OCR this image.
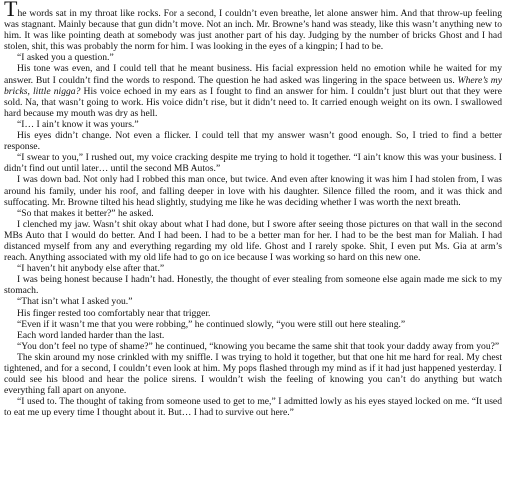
The words sat in my throat like rocks. For a second, I couldn’t even breathe, let alone answer him. And that throw-up feeling was stagnant. Mainly because that gun didn’t move. Not an inch. Mr. Browne’s hand was steady, like this wasn’t anything new to him. It was like pointing death at somebody was just another part of his day. Judging by the number of bricks Ghost and I had stolen, shit, this was probably the norm for him. I was looking in the eyes of a kingpin; I had to be.

“I asked you a question.”

His tone was even, and I could tell that he meant business. His facial expression held no emotion while he waited for my answer. But I couldn’t find the words to respond. The question he had asked was lingering in the space between us. Where’s my bricks, little nigga? His voice echoed in my ears as I fought to find an answer for him. I couldn’t just blurt out that they were sold. Na, that wasn’t going to work. His voice didn’t rise, but it didn’t need to. It carried enough weight on its own. I swallowed hard because my mouth was dry as hell.

“I… I ain’t know it was yours.”

His eyes didn’t change. Not even a flicker. I could tell that my answer wasn’t good enough. So, I tried to find a better response.

“I swear to you,” I rushed out, my voice cracking despite me trying to hold it together. “I ain’t know this was your business. I didn’t find out until later… until the second MB Autos.”

I was down bad. Not only had I robbed this man once, but twice. And even after knowing it was him I had stolen from, I was around his family, under his roof, and falling deeper in love with his daughter. Silence filled the room, and it was thick and suffocating. Mr. Browne tilted his head slightly, studying me like he was deciding whether I was worth the next breath.

“So that makes it better?” he asked.

I clenched my jaw. Wasn’t shit okay about what I had done, but I swore after seeing those pictures on that wall in the second MBs Auto that I would do better. And I had been. I had to be a better man for her. I had to be the best man for Maliah. I had distanced myself from any and everything regarding my old life. Ghost and I rarely spoke. Shit, I even put Ms. Gia at arm’s reach. Anything associated with my old life had to go on ice because I was working so hard on this new one.

“I haven’t hit anybody else after that.”

I was being honest because I hadn’t had. Honestly, the thought of ever stealing from someone else again made me sick to my stomach.

“That isn’t what I asked you.”

His finger rested too comfortably near that trigger.

“Even if it wasn’t me that you were robbing,” he continued slowly, “you were still out here stealing.”

Each word landed harder than the last.

“You don’t feel no type of shame?” he continued, “knowing you became the same shit that took your daddy away from you?”

The skin around my nose crinkled with my sniffle. I was trying to hold it together, but that one hit me hard for real. My chest tightened, and for a second, I couldn’t even look at him. My pops flashed through my mind as if it had just happened yesterday. I could see his blood and hear the police sirens. I wouldn’t wish the feeling of knowing you can’t do anything but watch everything fall apart on anyone.

“I used to. The thought of taking from someone used to get to me,” I admitted lowly as his eyes stayed locked on me. “It used to eat me up every time I thought about it. But… I had to survive out here.”
